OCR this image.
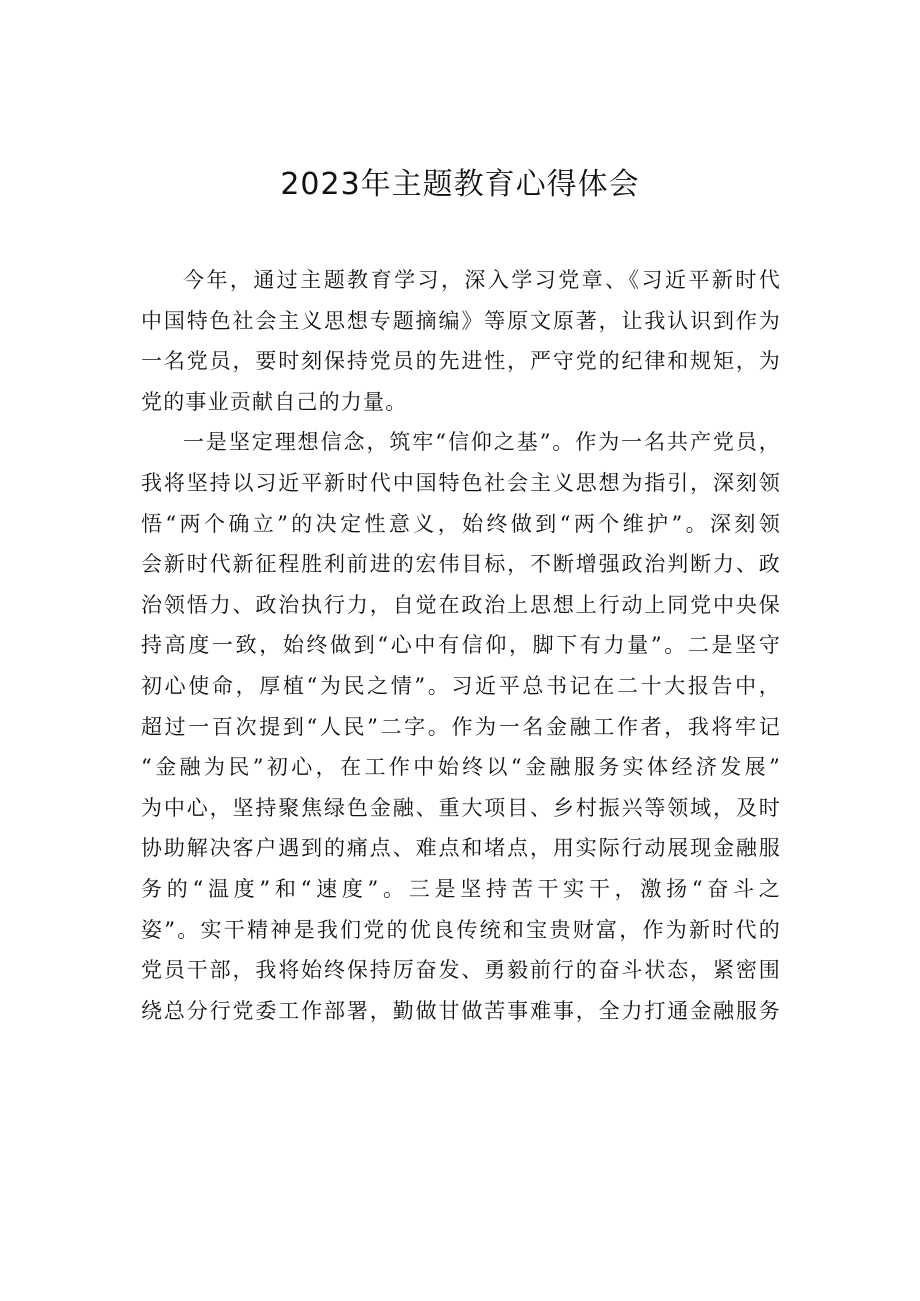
2023年主题教育心得体会
今年，通过主题教育学习，深入学习党章、《习近平新时代
中国特色社会主义思想专题摘编》等原文原著，让我认识到作为
一名党员，要时刻保持党员的先进性，严守党的纪律和规矩，为
党的事业贡献自己的力量。
一是坚定理想信念，筑牢“信仰之基”。作为一名共产党员，
我将坚持以习近平新时代中国特色社会主义思想为指引，深刻领
悟“两个确立”的决定性意义，始终做到“两个维护”。深刻领
会新时代新征程胜利前进的宏伟目标，不断增强政治判断力、政
治领悟力、政治执行力，自觉在政治上思想上行动上同党中央保
持高度一致，始终做到“心中有信仰，脚下有力量”。二是坚守
初心使命，厚植“为民之情”。习近平总书记在二十大报告中，
超过一百次提到“人民”二字。作为一名金融工作者，我将牢记
“金融为民”初心，在工作中始终以“金融服务实体经济发展”
为中心，坚持聚焦绿色金融、重大项目、乡村振兴等领域，及时
协助解决客户遇到的痛点、难点和堵点，用实际行动展现金融服
务的“温度”和“速度”。三是坚持苦干实干，激扬“奋斗之
姿”。实干精神是我们党的优良传统和宝贵财富，作为新时代的
党员干部，我将始终保持厉奋发、勇毅前行的奋斗状态，紧密围
绕总分行党委工作部署，勤做甘做苦事难事，全力打通金融服务
